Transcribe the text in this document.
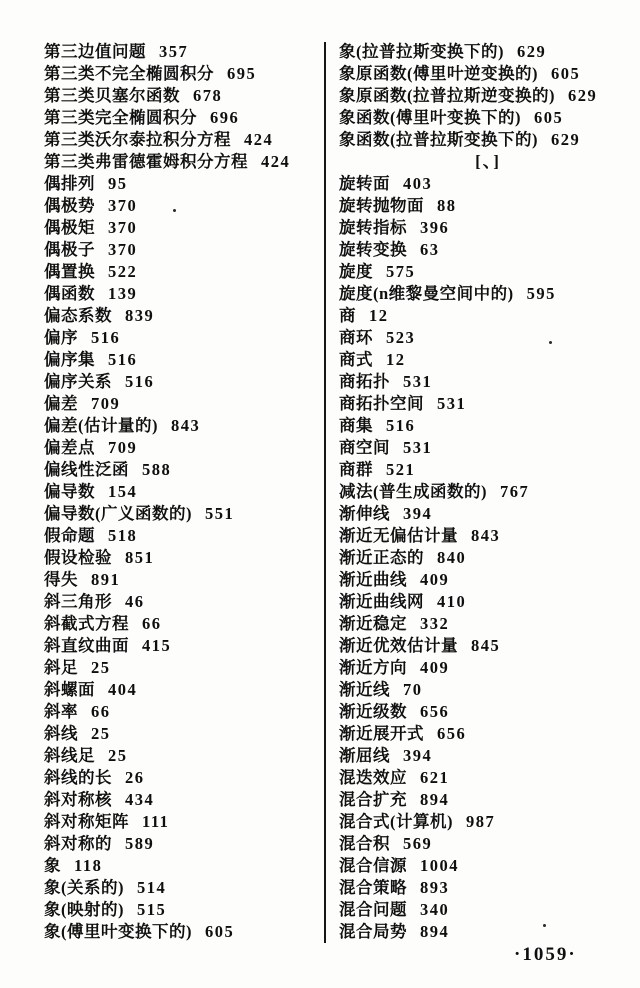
第三边值问题 357
第三类不完全椭圆积分 695
第三类贝塞尔函数 678
第三类完全椭圆积分 696
第三类沃尔泰拉积分方程 424
第三类弗雷德霍姆积分方程 424
偶排列 95
偶极势 370
偶极矩 370
偶极子 370
偶置换 522
偶函数 139
偏态系数 839
偏序 516
偏序集 516
偏序关系 516
偏差 709
偏差(估计量的) 843
偏差点 709
偏线性泛函 588
偏导数 154
偏导数(广义函数的) 551
假命题 518
假设检验 851
得失 891
斜三角形 46
斜截式方程 66
斜直纹曲面 415
斜足 25
斜螺面 404
斜率 66
斜线 25
斜线足 25
斜线的长 26
斜对称核 434
斜对称矩阵 111
斜对称的 589
象 118
象(关系的) 514
象(映射的) 515
象(傅里叶变换下的) 605
象(拉普拉斯变换下的) 629
象原函数(傅里叶逆变换的) 605
象原函数(拉普拉斯逆变换的) 629
象函数(傅里叶变换下的) 605
象函数(拉普拉斯变换下的) 629
[、]
旋转面 403
旋转抛物面 88
旋转指标 396
旋转变换 63
旋度 575
旋度(n维黎曼空间中的) 595
商 12
商环 523
商式 12
商拓扑 531
商拓扑空间 531
商集 516
商空间 531
商群 521
减法(普生成函数的) 767
渐伸线 394
渐近无偏估计量 843
渐近正态的 840
渐近曲线 409
渐近曲线网 410
渐近稳定 332
渐近优效估计量 845
渐近方向 409
渐近线 70
渐近级数 656
渐近展开式 656
渐屈线 394
混迭效应 621
混合扩充 894
混合式(计算机) 987
混合积 569
混合信源 1004
混合策略 893
混合问题 340
混合局势 894
·1059·
